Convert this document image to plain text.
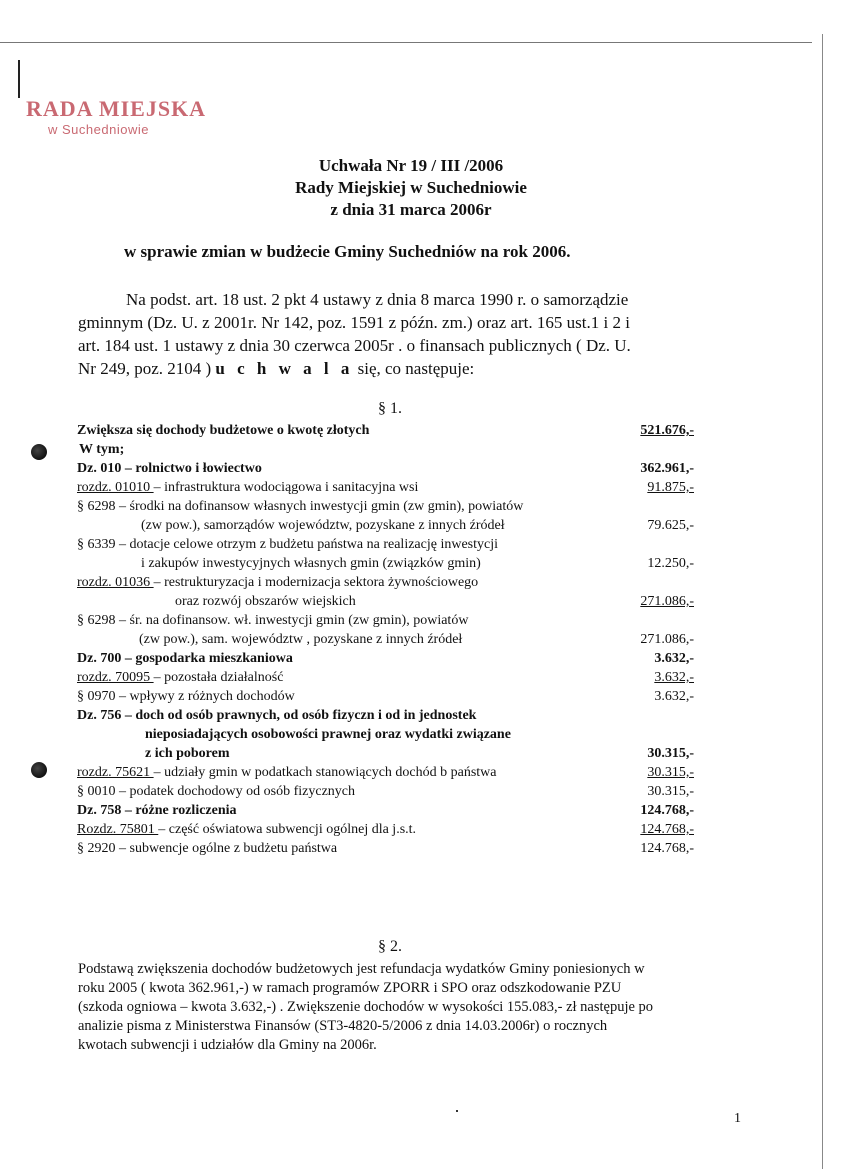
RADA MIEJSKA
w Suchedniowie
Uchwała Nr 19 / III /2006
Rady Miejskiej w Suchedniowie
z dnia 31 marca 2006r
w sprawie zmian w budżecie Gminy Suchedniów na rok 2006.

Na podst. art. 18 ust. 2 pkt 4 ustawy z dnia 8 marca 1990 r. o samorządzie

gminnym (Dz. U. z 2001r. Nr 142, poz. 1591 z późn. zm.) oraz art. 165 ust.1 i 2 i

art. 184 ust. 1 ustawy z dnia 30 czerwca 2005r . o finansach publicznych ( Dz. U.

Nr 249, poz. 2104 ) u c h w a l a się, co następuje:

§ 1.
Zwiększa się dochody budżetowe o kwotę złotych	521.676,-
W tym;
Dz. 010 – rolnictwo i łowiectwo	362.961,-
rozdz. 01010 – infrastruktura wodociągowa i sanitacyjna wsi	91.875,-
§ 6298 – środki na dofinansow własnych inwestycji gmin (zw gmin), powiatów
(zw pow.), samorządów województw, pozyskane z innych źródeł	79.625,-
§ 6339 – dotacje celowe otrzym z budżetu państwa na realizację inwestycji
i zakupów inwestycyjnych własnych gmin (związków gmin)	12.250,-
rozdz. 01036 – restrukturyzacja i modernizacja sektora żywnościowego
oraz rozwój obszarów wiejskich	271.086,-
§ 6298 – śr. na dofinansow. wł. inwestycji gmin (zw gmin), powiatów
(zw pow.), sam. województw , pozyskane z innych źródeł	271.086,-
Dz. 700 – gospodarka mieszkaniowa	3.632,-
rozdz. 70095 – pozostała działalność	3.632,-
§ 0970 – wpływy z różnych dochodów	3.632,-
Dz. 756 – doch od osób prawnych, od osób fizyczn i od in jednostek
nieposiadających osobowości prawnej oraz wydatki związane
z ich poborem	30.315,-
rozdz. 75621 – udziały gmin w podatkach stanowiących dochód b państwa	30.315,-
§ 0010 – podatek dochodowy od osób fizycznych	30.315,-
Dz. 758 – różne rozliczenia	124.768,-
Rozdz. 75801 – część oświatowa subwencji ogólnej dla j.s.t.	124.768,-
§ 2920 – subwencje ogólne z budżetu państwa	124.768,-
§ 2.
Podstawą zwiększenia dochodów budżetowych jest refundacja wydatków Gminy poniesionych w
roku 2005 ( kwota 362.961,-) w ramach programów ZPORR i SPO oraz odszkodowanie PZU
(szkoda ogniowa – kwota 3.632,-) . Zwiększenie dochodów w wysokości 155.083,- zł następuje po
analizie pisma z Ministerstwa Finansów (ST3-4820-5/2006 z dnia 14.03.2006r) o rocznych
kwotach subwencji i udziałów dla Gminy na 2006r.
1
